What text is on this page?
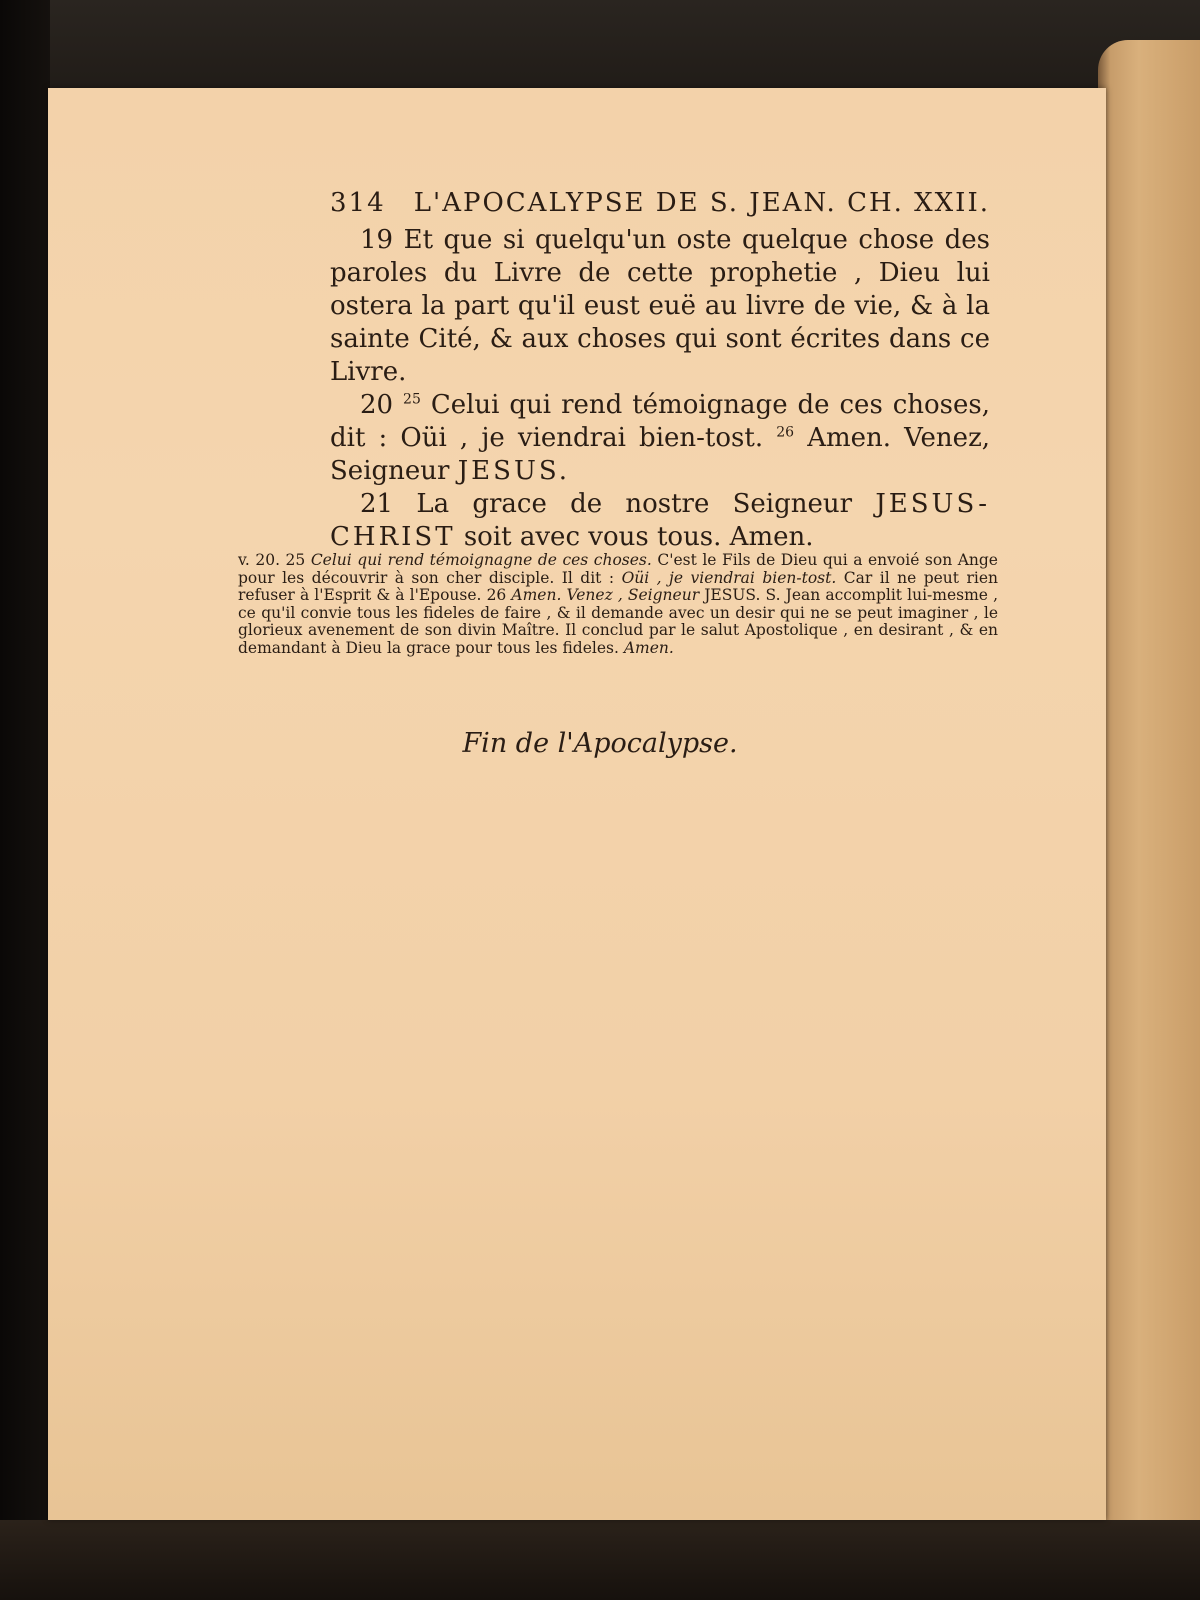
314 L'APOCALYPSE DE S. JEAN. CH. XXII.

19 Et que si quelqu'un oste quelque chose des paroles du Livre de cette prophetie , Dieu lui ostera la part qu'il eust euë au livre de vie, & à la sainte Cité, & aux choses qui sont écrites dans ce Livre.

20 $^{25}$ Celui qui rend témoignage de ces choses, dit : Oüi , je viendrai bien-tost. $^{26}$ Amen. Venez, Seigneur JESUS.

21 La grace de nostre Seigneur JESUS-CHRIST soit avec vous tous. Amen.

v. 20. 25 Celui qui rend témoignagne de ces choses. C'est le Fils de Dieu qui a envoié son Ange pour les découvrir à son cher disciple. Il dit : Oüi , je viendrai bien-tost. Car il ne peut rien refuser à l'Esprit & à l'Epouse. 26 Amen. Venez , Seigneur JESUS. S. Jean accomplit lui-mesme , ce qu'il convie tous les fideles de faire , & il demande avec un desir qui ne se peut imaginer , le glorieux avenement de son divin Maître. Il conclud par le salut Apostolique , en desirant , & en demandant à Dieu la grace pour tous les fideles. Amen.
Fin de l'Apocalypse.
